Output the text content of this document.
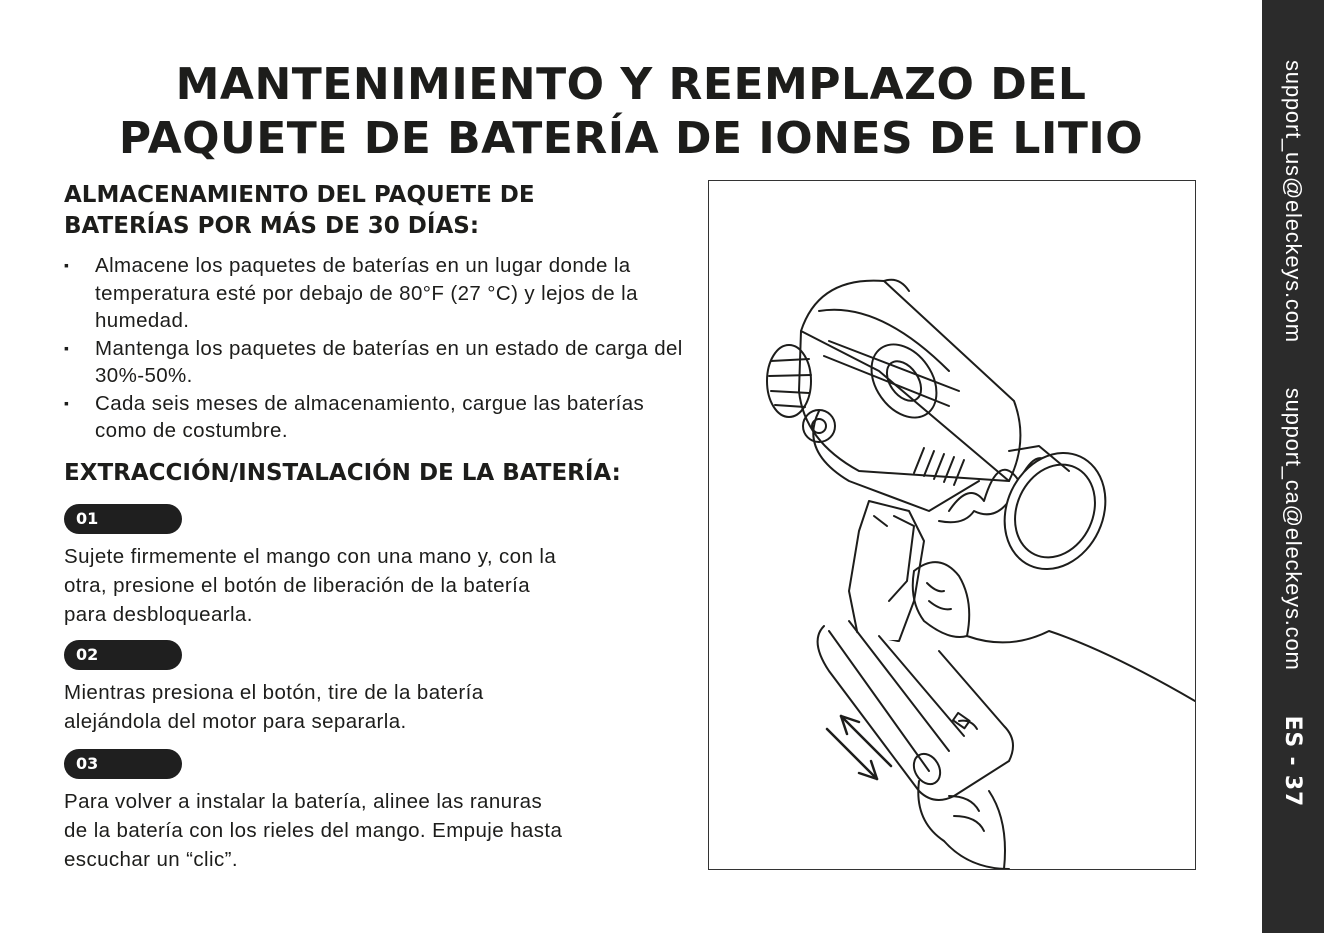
MANTENIMIENTO Y REEMPLAZO DEL
PAQUETE DE BATERÍA DE IONES DE LITIO
ALMACENAMIENTO DEL PAQUETE DE
BATERÍAS POR MÁS DE 30 DÍAS:
▪ Almacene los paquetes de baterías en un lugar donde la temperatura esté por debajo de 80°F (27 °C) y lejos de la humedad.
▪ Mantenga los paquetes de baterías en un estado de carga del 30%-50%.
▪ Cada seis meses de almacenamiento, cargue las baterías como de costumbre.
EXTRACCIÓN/INSTALACIÓN DE LA BATERÍA:
01
Sujete firmemente el mango con una mano y, con la
otra, presione el botón de liberación de la batería
para desbloquearla.
02
Mientras presiona el botón, tire de la batería
alejándola del motor para separarla.
03
Para volver a instalar la batería, alinee las ranuras
de la batería con los rieles del mango. Empuje hasta
escuchar un “clic”.
support_us@eleckeys.com support_ca@eleckeys.com ES - 37
